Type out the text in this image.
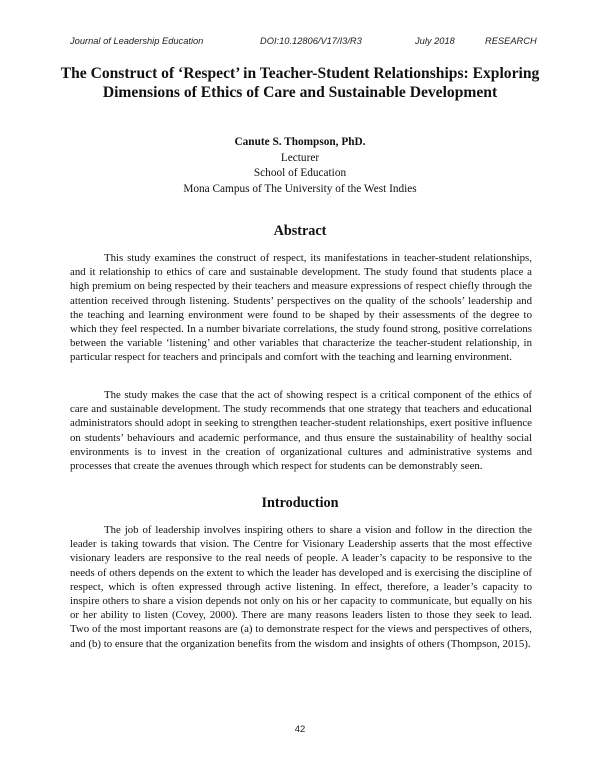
Journal of Leadership Education	DOI:10.12806/V17/I3/R3	July 2018	RESEARCH
The Construct of ‘Respect’ in Teacher-Student Relationships: Exploring Dimensions of Ethics of Care and Sustainable Development
Canute S. Thompson, PhD.
Lecturer
School of Education
Mona Campus of The University of the West Indies
Abstract

This study examines the construct of respect, its manifestations in teacher-student relationships, and it relationship to ethics of care and sustainable development. The study found that students place a high premium on being respected by their teachers and measure expressions of respect chiefly through the attention received through listening. Students’ perspectives on the quality of the schools’ leadership and the teaching and learning environment were found to be shaped by their assessments of the degree to which they feel respected. In a number bivariate correlations, the study found strong, positive correlations between the variable ‘listening’ and other variables that characterize the teacher-student relationship, in particular respect for teachers and principals and comfort with the teaching and learning environment.

The study makes the case that the act of showing respect is a critical component of the ethics of care and sustainable development. The study recommends that one strategy that teachers and educational administrators should adopt in seeking to strengthen teacher-student relationships, exert positive influence on students’ behaviours and academic performance, and thus ensure the sustainability of healthy social environments is to invest in the creation of organizational cultures and administrative systems and processes that create the avenues through which respect for students can be demonstrably seen.

Introduction

The job of leadership involves inspiring others to share a vision and follow in the direction the leader is taking towards that vision. The Centre for Visionary Leadership asserts that the most effective visionary leaders are responsive to the real needs of people. A leader’s capacity to be responsive to the needs of others depends on the extent to which the leader has developed and is exercising the discipline of respect, which is often expressed through active listening. In effect, therefore, a leader’s capacity to inspire others to share a vision depends not only on his or her capacity to communicate, but equally on his or her ability to listen (Covey, 2000). There are many reasons leaders listen to those they seek to lead. Two of the most important reasons are (a) to demonstrate respect for the views and perspectives of others, and (b) to ensure that the organization benefits from the wisdom and insights of others (Thompson, 2015).

42
